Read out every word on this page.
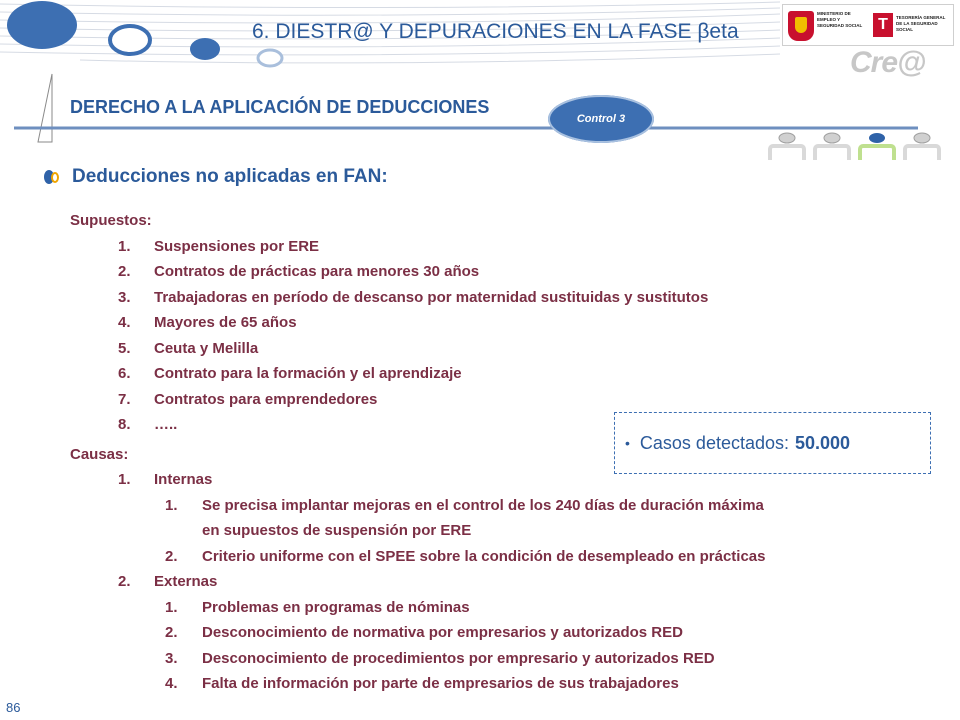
MINISTERIO DE EMPLEO Y SEGURIDAD SOCIAL T	TESORERÍA GENERAL DE LA SEGURIDAD SOCIAL
Cre@
6. DIESTR@ Y DEPURACIONES EN LA FASE βeta
DERECHO A LA APLICACIÓN DE DEDUCCIONES
Control 3
Deducciones no aplicadas en FAN:
Supuestos:
1. Suspensiones por ERE
2. Contratos de prácticas para menores 30 años
3. Trabajadoras en período de descanso por maternidad sustituidas y sustitutos
4. Mayores de 65 años
5. Ceuta y Melilla
6. Contrato para la formación y el aprendizaje
7. Contratos para emprendedores
8. …..
Causas:
1. Internas
1. Se precisa implantar mejoras en el control de los 240 días de duración máxima
en supuestos de suspensión por ERE
2. Criterio uniforme con el SPEE sobre la condición de desempleado en prácticas
2. Externas
1. Problemas en programas de nóminas
2. Desconocimiento de normativa por empresarios y autorizados RED
3. Desconocimiento de procedimientos por empresario y autorizados RED
4. Falta de información por parte de empresarios de sus trabajadores
• Casos detectados: 50.000
86
